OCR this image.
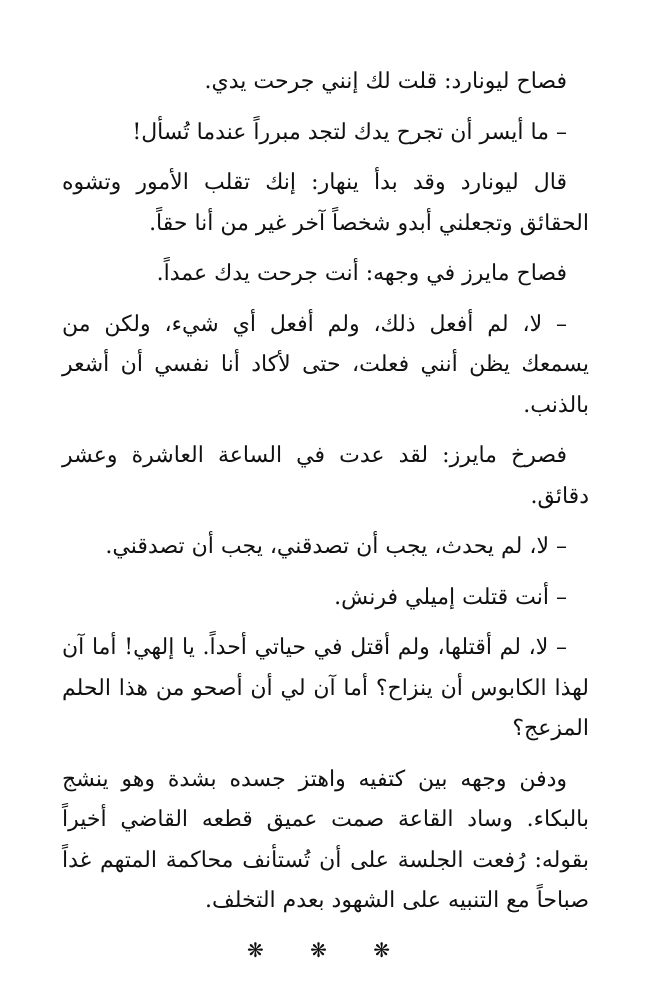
فصاح ليونارد: قلت لك إنني جرحت يدي.

– ما أيسر أن تجرح يدك لتجد مبرراً عندما تُسأل!

قال ليونارد وقد بدأ ينهار: إنك تقلب الأمور وتشوه الحقائق وتجعلني أبدو شخصاً آخر غير من أنا حقاً.

فصاح مايرز في وجهه: أنت جرحت يدك عمداً.

– لا، لم أفعل ذلك، ولم أفعل أي شيء، ولكن من يسمعك يظن أنني فعلت، حتى لأكاد أنا نفسي أن أشعر بالذنب.

فصرخ مايرز: لقد عدت في الساعة العاشرة وعشر دقائق.

– لا، لم يحدث، يجب أن تصدقني، يجب أن تصدقني.

– أنت قتلت إميلي فرنش.

– لا، لم أقتلها، ولم أقتل في حياتي أحداً. يا إلهي! أما آن لهذا الكابوس أن ينزاح؟ أما آن لي أن أصحو من هذا الحلم المزعج؟

ودفن وجهه بين كتفيه واهتز جسده بشدة وهو ينشج بالبكاء. وساد القاعة صمت عميق قطعه القاضي أخيراً بقوله: رُفعت الجلسة على أن تُستأنف محاكمة المتهم غداً صباحاً مع التنبيه على الشهود بعدم التخلف.

❋ ❋ ❋
